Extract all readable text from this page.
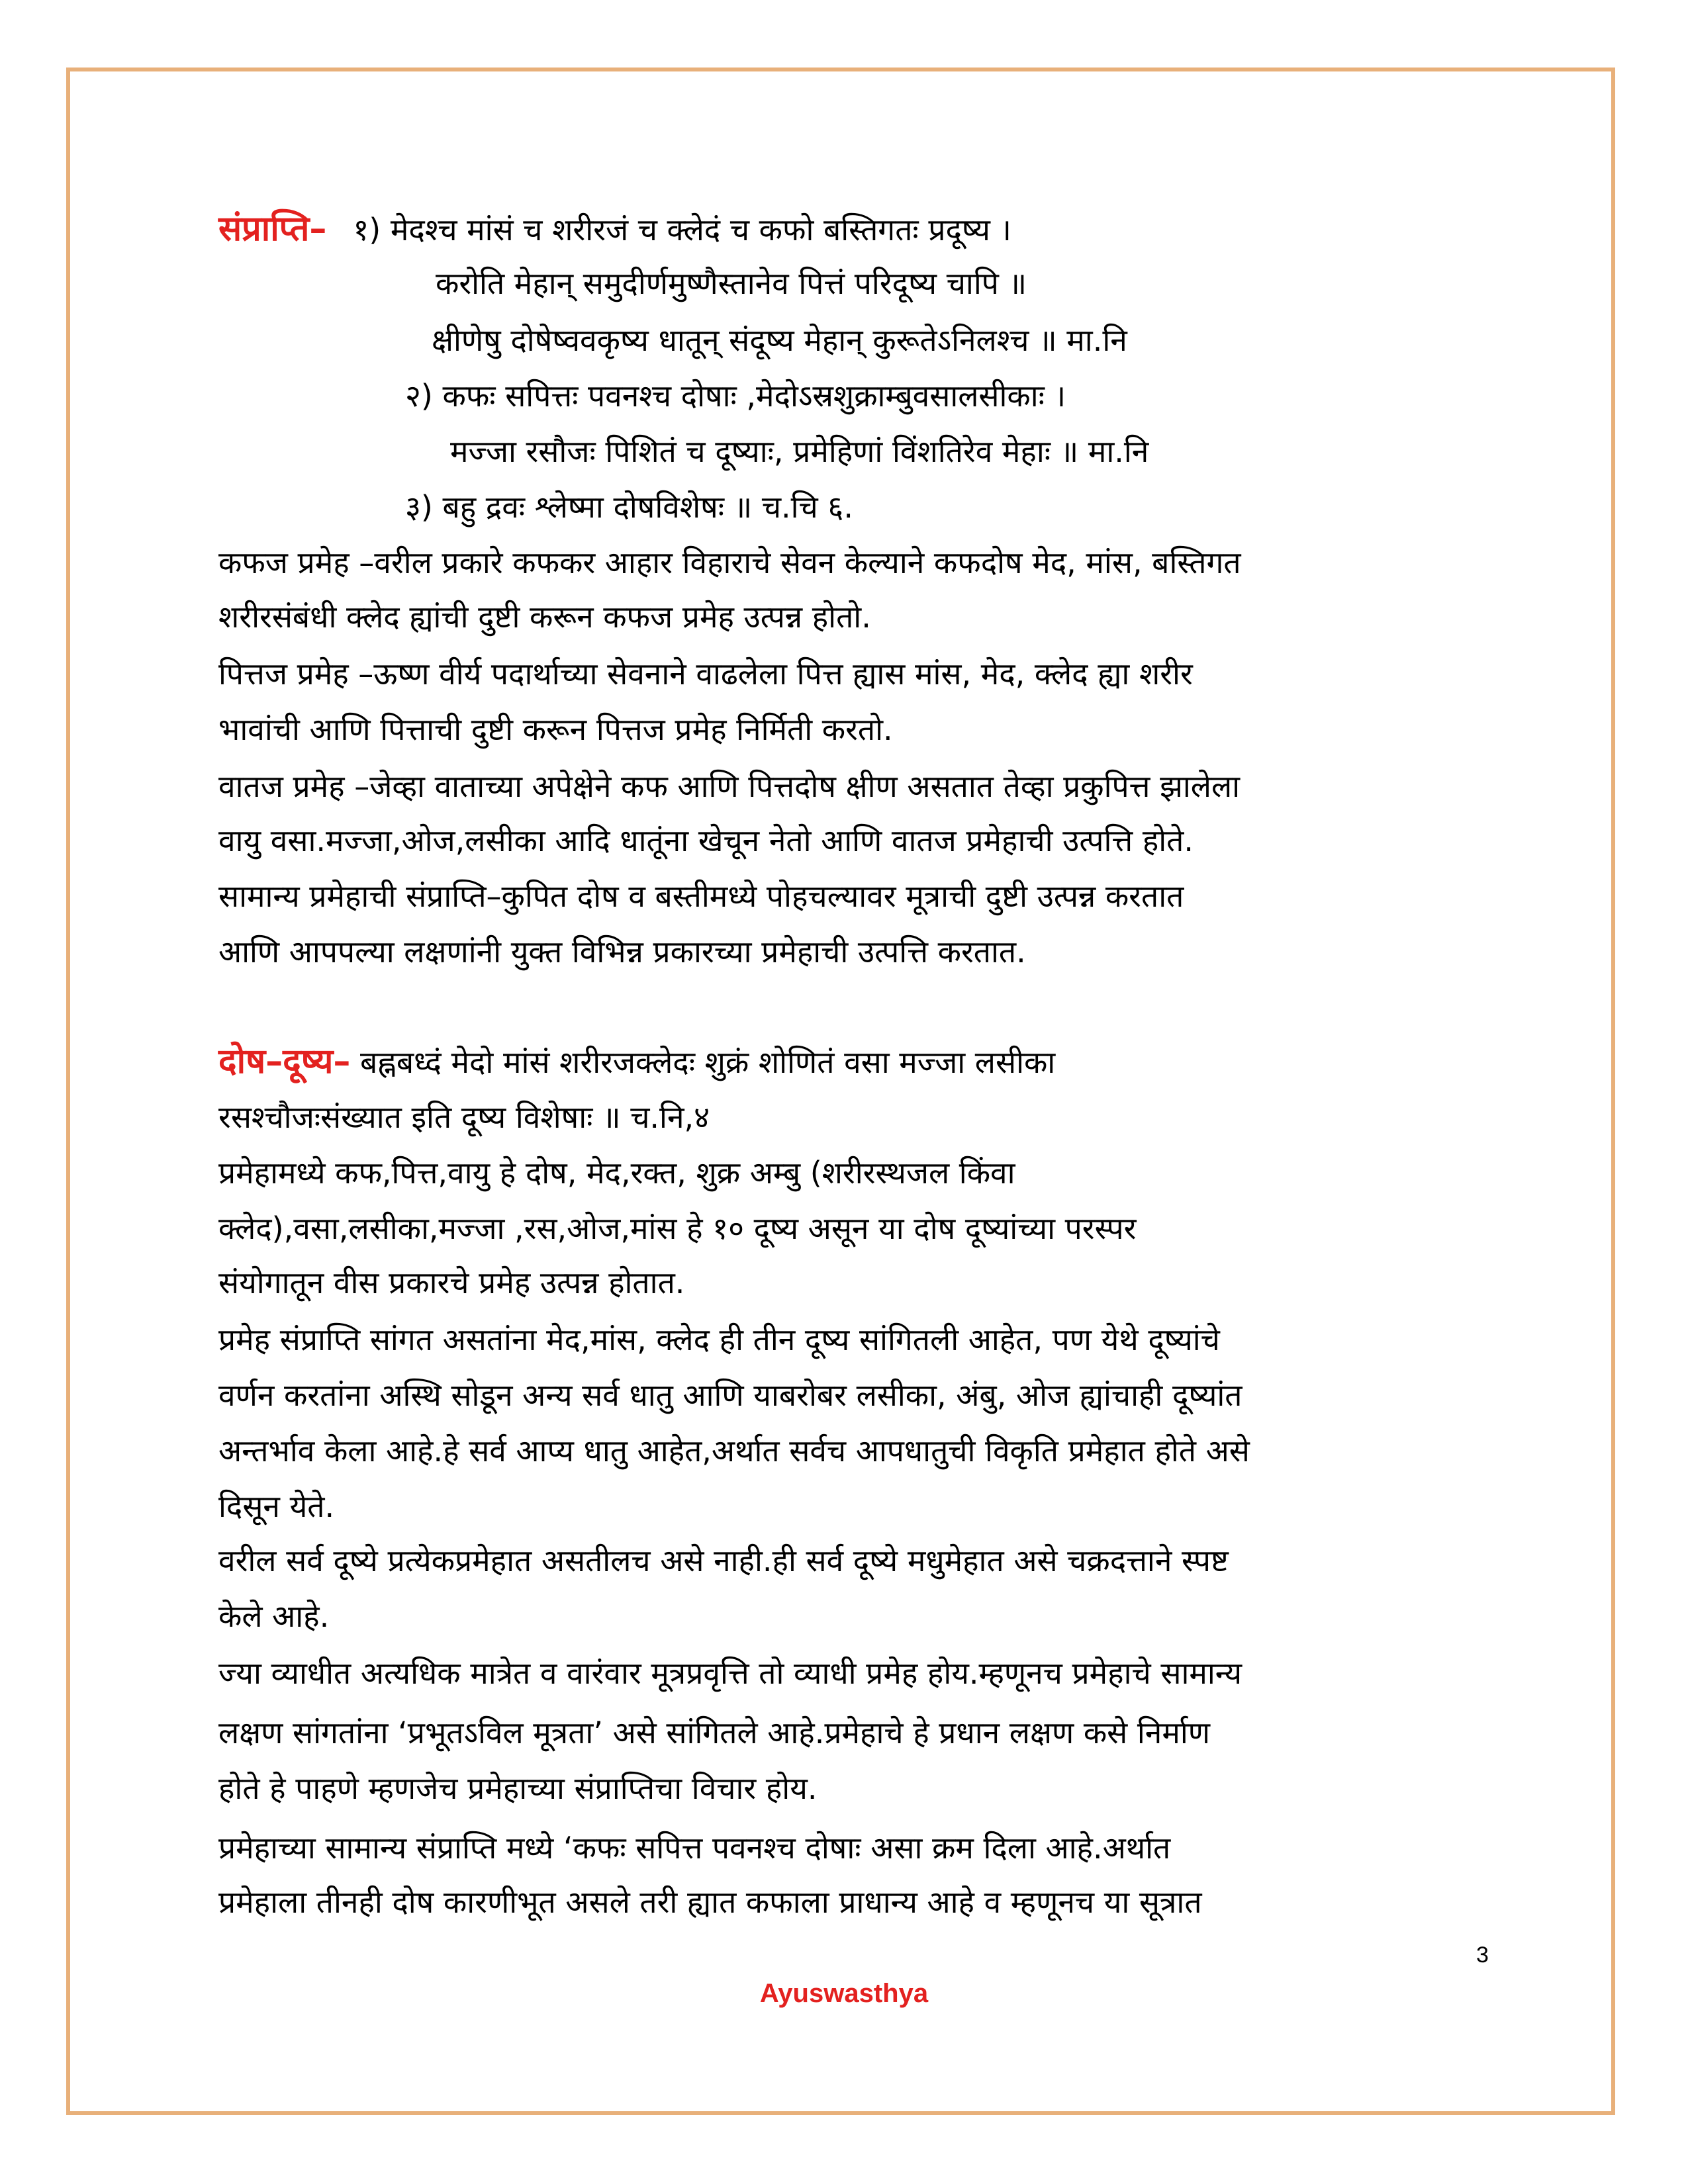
संप्राप्ति– १) मेदश्च मांसं च शरीरजं च क्लेदं च कफो बस्तिगतः प्रदूष्य ।
करोति मेहान् समुदीर्णमुष्णैस्तानेव पित्तं परिदूष्य चापि ॥
क्षीणेषु दोषेष्ववकृष्य धातून् संदूष्य मेहान् कुरूतेऽनिलश्च ॥ मा.नि
२) कफः सपित्तः पवनश्च दोषाः ,मेदोऽस्रशुक्राम्बुवसालसीकाः ।
मज्जा रसौजः पिशितं च दूष्याः, प्रमेहिणां विंशतिरेव मेहाः ॥ मा.नि
३) बहु द्रवः श्लेष्मा दोषविशेषः ॥ च.चि ६.
कफज प्रमेह –वरील प्रकारे कफकर आहार विहाराचे सेवन केल्याने कफदोष मेद, मांस, बस्तिगत
शरीरसंबंधी क्लेद ह्यांची दुष्टी करून कफज प्रमेह उत्पन्न होतो.
पित्तज प्रमेह –ऊष्ण वीर्य पदार्थाच्या सेवनाने वाढलेला पित्त ह्यास मांस, मेद, क्लेद ह्या शरीर
भावांची आणि पित्ताची दुष्टी करून पित्तज प्रमेह निर्मिती करतो.
वातज प्रमेह –जेव्हा वाताच्या अपेक्षेने कफ आणि पित्तदोष क्षीण असतात तेव्हा प्रकुपित्त झालेला
वायु वसा.मज्जा,ओज,लसीका आदि धातूंना खेचून नेतो आणि वातज प्रमेहाची उत्पत्ति होते.
सामान्य प्रमेहाची संप्राप्ति–कुपित दोष व बस्तीमध्ये पोहचल्यावर मूत्राची दुष्टी उत्पन्न करतात
आणि आपपल्या लक्षणांनी युक्त विभिन्न प्रकारच्या प्रमेहाची उत्पत्ति करतात.
दोष–दूष्य– बह्नबध्दं मेदो मांसं शरीरजक्लेदः शुक्रं शोणितं वसा मज्जा लसीका
रसश्चौजःसंख्यात इति दूष्य विशेषाः ॥ च.नि,४
प्रमेहामध्ये कफ,पित्त,वायु हे दोष, मेद,रक्त, शुक्र अम्बु (शरीरस्थजल किंवा
क्लेद),वसा,लसीका,मज्जा ,रस,ओज,मांस हे १० दूष्य असून या दोष दूष्यांच्या परस्पर
संयोगातून वीस प्रकारचे प्रमेह उत्पन्न होतात.
प्रमेह संप्राप्ति सांगत असतांना मेद,मांस, क्लेद ही तीन दूष्य सांगितली आहेत, पण येथे दूष्यांचे
वर्णन करतांना अस्थि सोडून अन्य सर्व धातु आणि याबरोबर लसीका, अंबु, ओज ह्यांचाही दूष्यांत
अन्तर्भाव केला आहे.हे सर्व आप्य धातु आहेत,अर्थात सर्वच आपधातुची विकृति प्रमेहात होते असे
दिसून येते.
वरील सर्व दूष्ये प्रत्येकप्रमेहात असतीलच असे नाही.ही सर्व दूष्ये मधुमेहात असे चक्रदत्ताने स्पष्ट
केले आहे.
ज्या व्याधीत अत्यधिक मात्रेत व वारंवार मूत्रप्रवृत्ति तो व्याधी प्रमेह होय.म्हणूनच प्रमेहाचे सामान्य
लक्षण सांगतांना ‘प्रभूतऽविल मूत्रता’ असे सांगितले आहे.प्रमेहाचे हे प्रधान लक्षण कसे निर्माण
होते हे पाहणे म्हणजेच प्रमेहाच्या संप्राप्तिचा विचार होय.
प्रमेहाच्या सामान्य संप्राप्ति मध्ये ‘कफः सपित्त पवनश्च दोषाः असा क्रम दिला आहे.अर्थात
प्रमेहाला तीनही दोष कारणीभूत असले तरी ह्यात कफाला प्राधान्य आहे व म्हणूनच या सूत्रात
3
Ayuswasthya
